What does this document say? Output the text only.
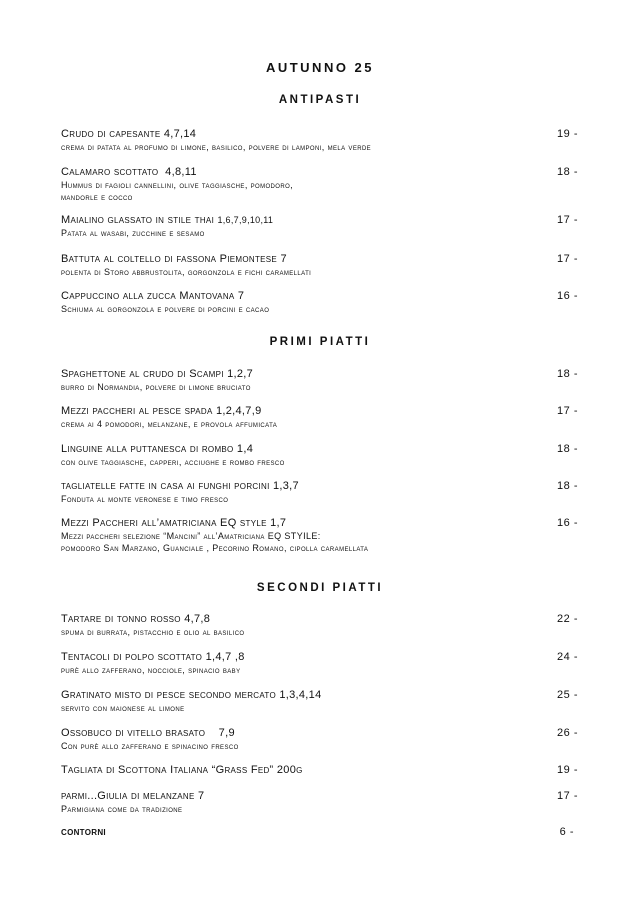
AUTUNNO 25
ANTIPASTI
Crudo di capesante 4,7,14
crema di patata al profumo di limone, basilico, polvere di lamponi, mela verde
19 -
Calamaro scottato 4,8,11
Hummus di fagioli cannellini, olive taggiasche, pomodoro,
mandorle e cocco
18 -
Maialino glassato in stile thai 1,6,7,9,10,11
Patata al wasabi, zucchine e sesamo
17 -
Battuta al coltello di fassona Piemontese 7
polenta di Storo abbrustolita, gorgonzola e fichi caramellati
17 -
Cappuccino alla zucca Mantovana 7
Schiuma al gorgonzola e polvere di porcini e cacao
16 -
PRIMI PIATTI
Spaghettone al crudo di Scampi 1,2,7
burro di Normandia, polvere di limone bruciato
18 -
Mezzi paccheri al pesce spada 1,2,4,7,9
crema ai 4 pomodori, melanzane, e provola affumicata
17 -
Linguine alla puttanesca di rombo 1,4
con olive taggiasche, capperi, acciughe e rombo fresco
18 -
tagliatelle fatte in casa ai funghi porcini 1,3,7
Fonduta al monte veronese e timo fresco
18 -
Mezzi Paccheri all’amatriciana EQ style 1,7
Mezzi paccheri selezione “Mancini” all’Amatriciana EQ STYILE:
pomodoro San Marzano, Guanciale , Pecorino Romano, cipolla caramellata
16 -
SECONDI PIATTI
Tartare di tonno rosso 4,7,8
spuma di burrata, pistacchio e olio al basilico
22 -
Tentacoli di polpo scottato 1,4,7 ,8
purè allo zafferano, nocciole, spinacio baby
24 -
Gratinato misto di pesce secondo mercato 1,3,4,14
servito con maionese al limone
25 -
Ossobuco di vitello brasato 7,9
Con purè allo zafferano e spinacino fresco
26 -
Tagliata di Scottona Italiana “Grass Fed” 200g	19 -
parmi...Giulia di melanzane 7
Parmigiana come da tradizione
17 -
contorni	6 -
